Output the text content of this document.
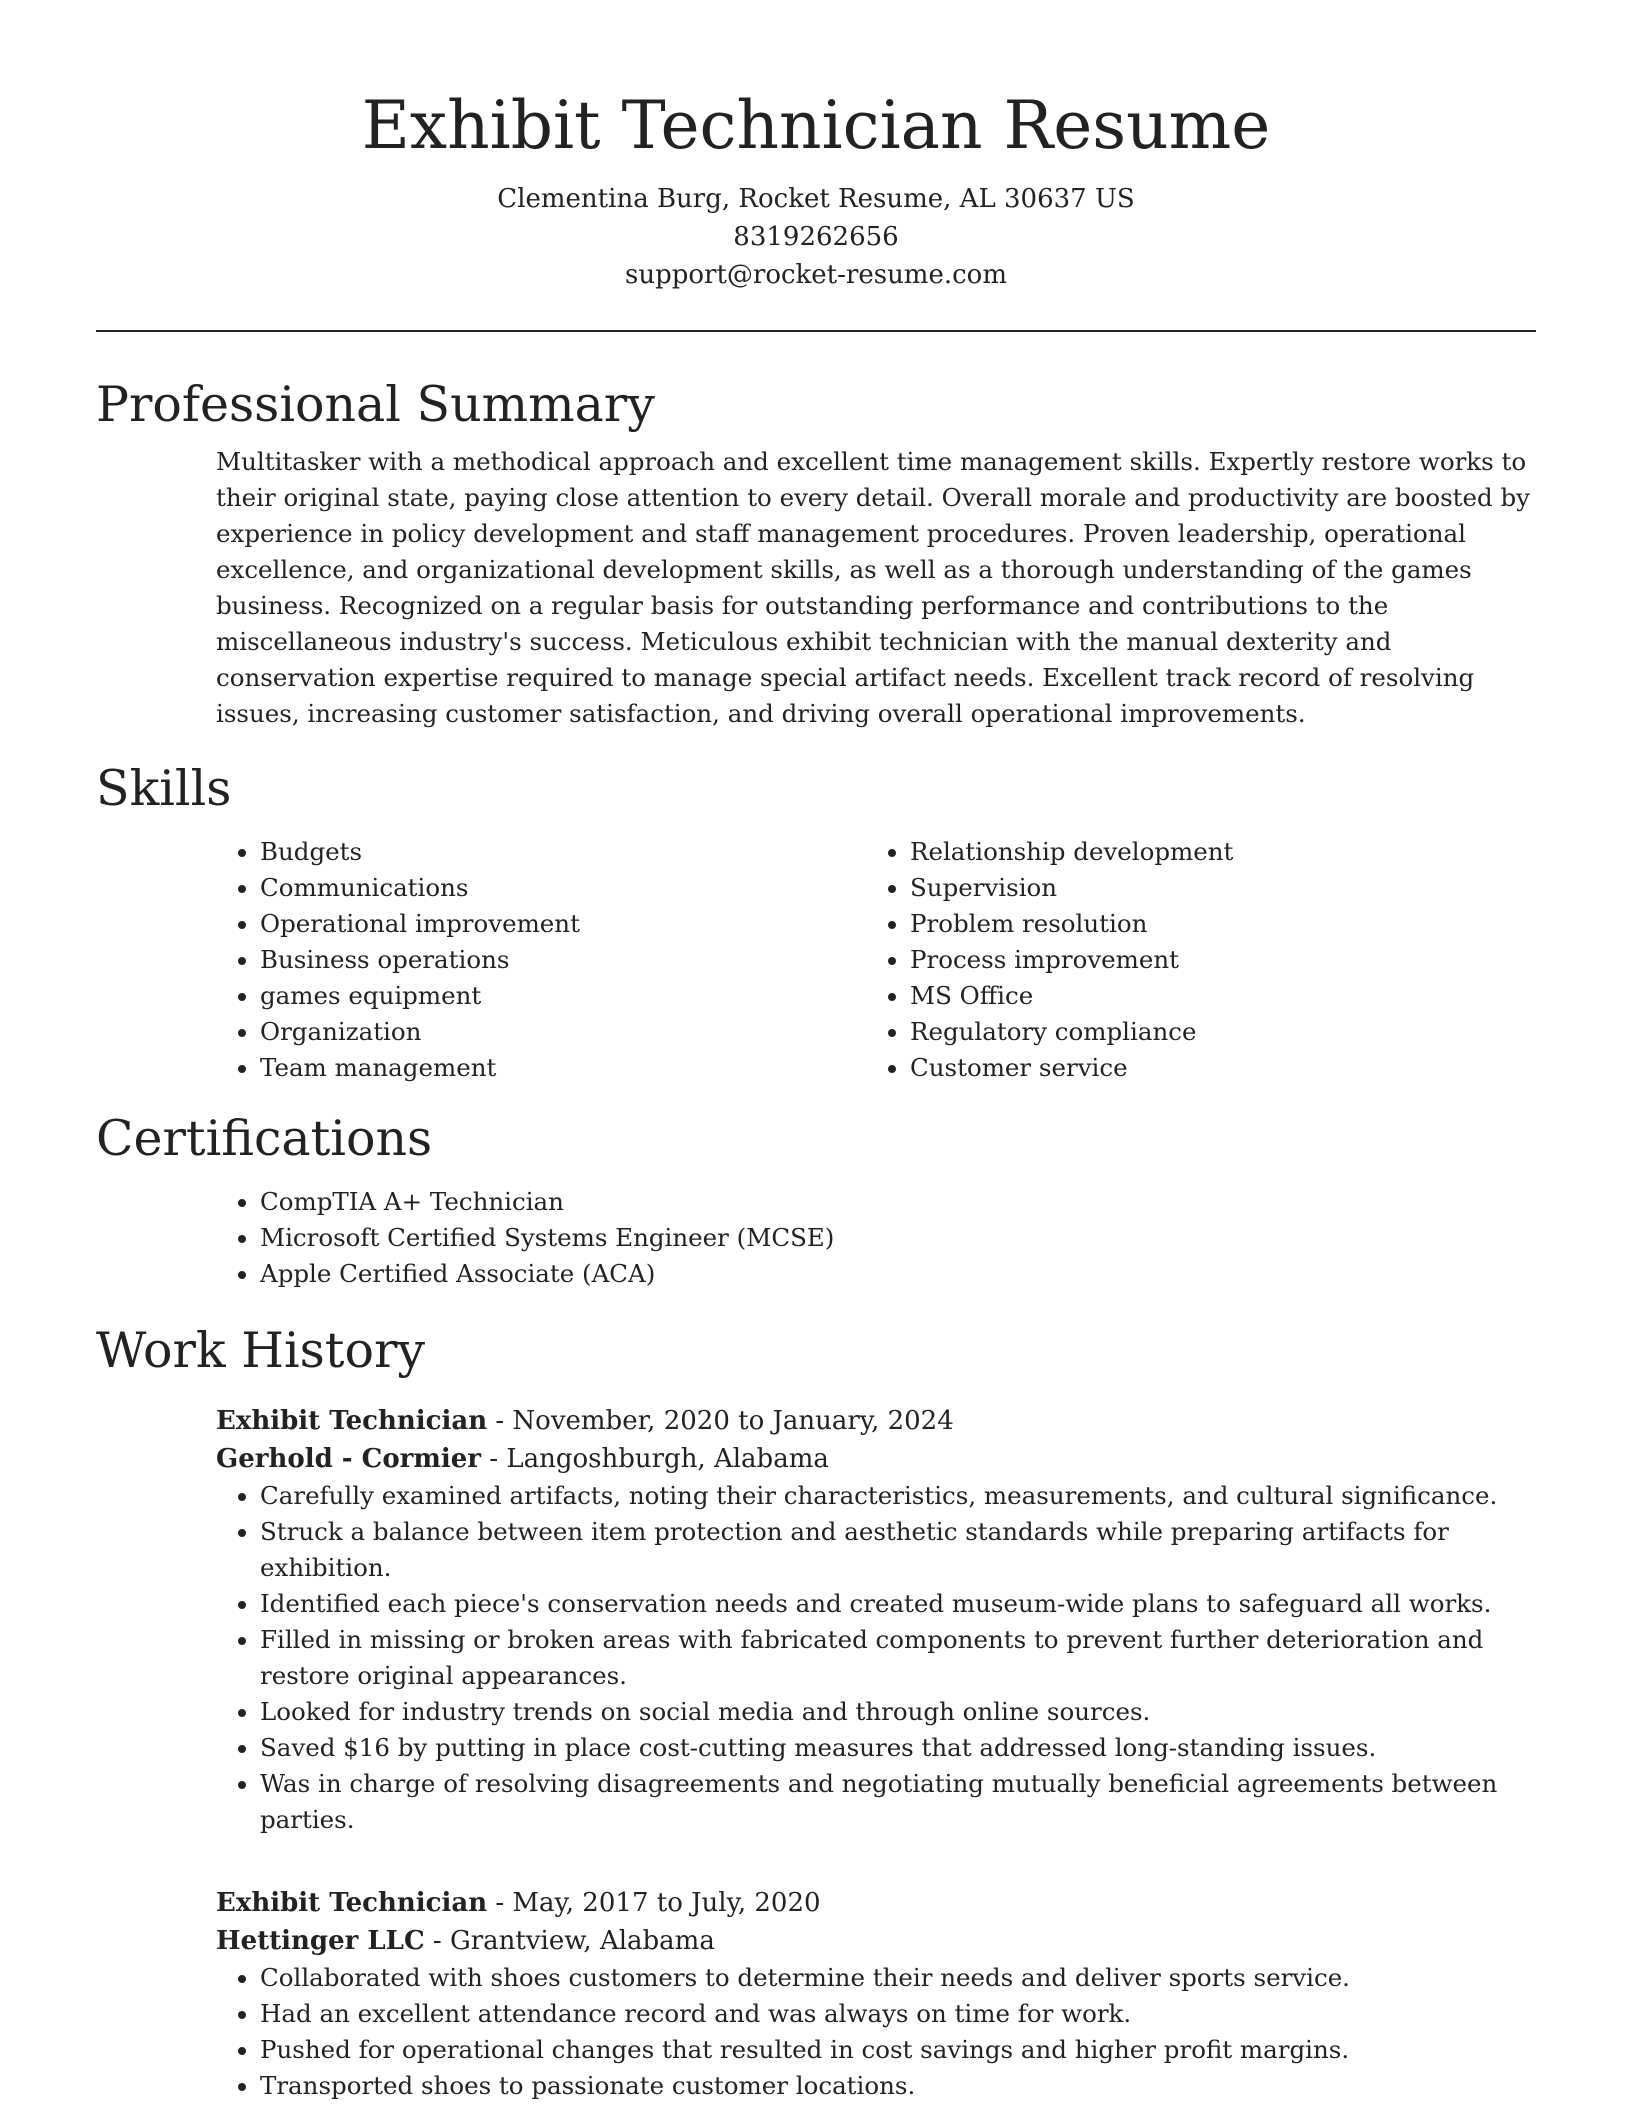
Exhibit Technician Resume
Clementina Burg, Rocket Resume, AL 30637 US
8319262656
support@rocket-resume.com
Professional Summary
Multitasker with a methodical approach and excellent time management skills. Expertly restore works to their original state, paying close attention to every detail. Overall morale and productivity are boosted by experience in policy development and staff management procedures. Proven leadership, operational excellence, and organizational development skills, as well as a thorough understanding of the games business. Recognized on a regular basis for outstanding performance and contributions to the miscellaneous industry's success. Meticulous exhibit technician with the manual dexterity and conservation expertise required to manage special artifact needs. Excellent track record of resolving issues, increasing customer satisfaction, and driving overall operational improvements.
Skills
• Budgets
• Communications
• Operational improvement
• Business operations
• games equipment
• Organization
• Team management
• Relationship development
• Supervision
• Problem resolution
• Process improvement
• MS Office
• Regulatory compliance
• Customer service
Certifications
• CompTIA A+ Technician
• Microsoft Certified Systems Engineer (MCSE)
• Apple Certified Associate (ACA)
Work History
Exhibit Technician - November, 2020 to January, 2024
Gerhold - Cormier - Langoshburgh, Alabama
• Carefully examined artifacts, noting their characteristics, measurements, and cultural significance.
• Struck a balance between item protection and aesthetic standards while preparing artifacts for exhibition.
• Identified each piece's conservation needs and created museum-wide plans to safeguard all works.
• Filled in missing or broken areas with fabricated components to prevent further deterioration and restore original appearances.
• Looked for industry trends on social media and through online sources.
• Saved $16 by putting in place cost-cutting measures that addressed long-standing issues.
• Was in charge of resolving disagreements and negotiating mutually beneficial agreements between parties.
Exhibit Technician - May, 2017 to July, 2020
Hettinger LLC - Grantview, Alabama
• Collaborated with shoes customers to determine their needs and deliver sports service.
• Had an excellent attendance record and was always on time for work.
• Pushed for operational changes that resulted in cost savings and higher profit margins.
• Transported shoes to passionate customer locations.
